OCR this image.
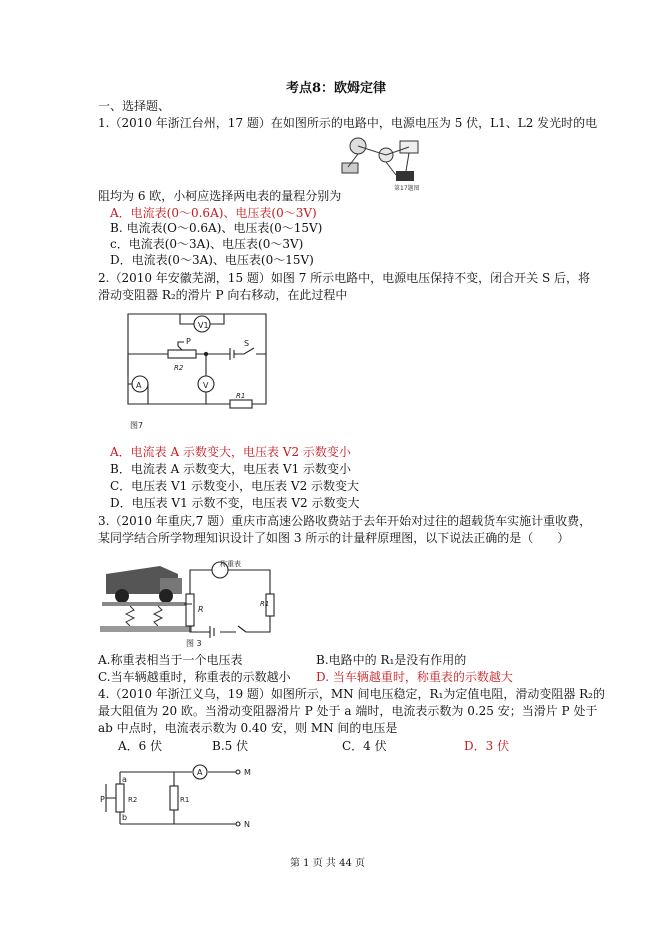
考点8：欧姆定律
一、选择题、
1.（2010 年浙江台州，17 题）在如图所示的电路中，电源电压为 5 伏，L1、L2 发光时的电
第17题图
阻均为 6 欧，小柯应选择两电表的量程分别为
A．电流表(0～0.6A)、电压表(0～3V)
B. 电流表(O～0.6A)、电压表(0～15V)
c．电流表(0～3A)、电压表(0～3V)
D．电流表(0～3A)、电压表(0～15V)
2.（2010 年安徽芜湖，15 题）如图 7 所示电路中，电源电压保持不变，闭合开关 S 后，将
滑动变阻器 R₂的滑片 P 向右移动，在此过程中
V1
V
A
P
R2
S
R1
图7
A．电流表 A 示数变大，电压表 V2 示数变小
B．电流表 A 示数变大，电压表 V1 示数变小
C．电压表 V1 示数变小，电压表 V2 示数变大
D．电压表 V1 示数不变，电压表 V2 示数变大
3.（2010 年重庆,7 题）重庆市高速公路收费站于去年开始对过往的超载货车实施计重收费，
某同学结合所学物理知识设计了如图 3 所示的计量秤原理图，以下说法正确的是（　　）
称重表
R
R1
图 3
A.称重表相当于一个电压表	B.电路中的 R₁是没有作用的
C.当车辆越重时，称重表的示数越小 D. 当车辆越重时，称重表的示数越大
4.（2010 年浙江义乌，19 题）如图所示，MN 间电压稳定，R₁为定值电阻，滑动变阻器 R₂的
最大阻值为 20 欧。当滑动变阻器滑片 P 处于 a 端时，电流表示数为 0.25 安；当滑片 P 处于
ab 中点时，电流表示数为 0.40 安，则 MN 间的电压是
A．6 伏	B.5 伏	C．4 伏	D．3 伏
A
a
b
P	R2	R1
M
N
第 1 页 共 44 页
